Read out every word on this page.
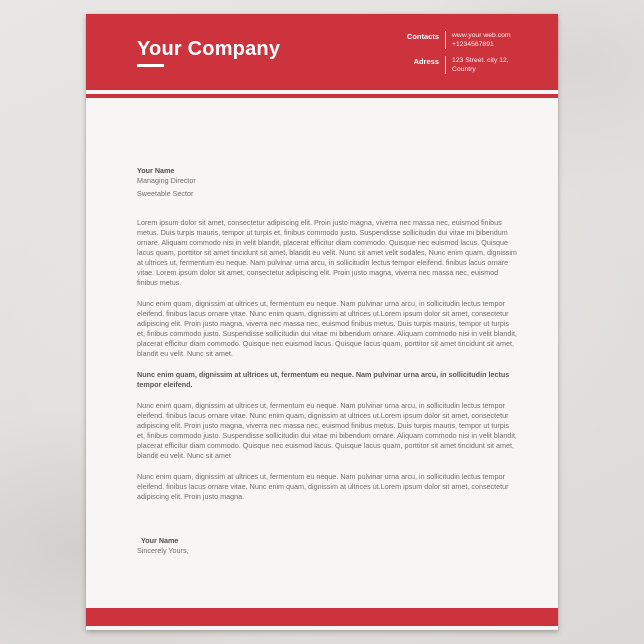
Your Company
Contacts www.your web.com
+1234567891
Adress 123 Street. city 12,
Country
Your Name
Managing Director
Sweetable Sector

Lorem ipsum dolor sit amet, consectetur adipiscing elit. Proin justo magna, viverra nec massa nec, euismod finibus metus. Duis turpis mauris, tempor ut turpis et, finibus commodo justo. Suspendisse sollicitudin dui vitae mi bibendum ornare. Aliquam commodo nisi in velit blandit, placerat efficitur diam commodo. Quisque nec euismod lacus. Quisque lacus quam, porttitor sit amet tincidunt sit amet, blandit eu velit. Nunc sit amet velit sodales, Nunc enim quam, dignissim at ultrices ut, fermentum eu neque. Nam pulvinar urna arcu, in sollicitudin lectus tempor eleifend. finibus lacus ornare vitae. Lorem ipsum dolor sit amet, consectetur adipiscing elit. Proin justo magna, viverra nec massa nec, euismod finibus metus.

Nunc enim quam, dignissim at ultrices ut, fermentum eu neque. Nam pulvinar urna arcu, in sollicitudin lectus tempor eleifend. finibus lacus ornare vitae. Nunc enim quam, dignissim at ultrices ut.Lorem ipsum dolor sit amet, consectetur adipiscing elit. Proin justo magna, viverra nec massa nec, euismod finibus metus. Duis turpis mauris, tempor ut turpis et, finibus commodo justo. Suspendisse sollicitudin dui vitae mi bibendum ornare. Aliquam commodo nisi in velit blandit, placerat efficitur diam commodo. Quisque nec euismod lacus. Quisque lacus quam, porttitor sit amet tincidunt sit amet, blandit eu velit. Nunc sit amet.

Nunc enim quam, dignissim at ultrices ut, fermentum eu neque. Nam pulvinar urna arcu, in sollicitudin lectus tempor eleifend.

Nunc enim quam, dignissim at ultrices ut, fermentum eu neque. Nam pulvinar urna arcu, in sollicitudin lectus tempor eleifend. finibus lacus ornare vitae. Nunc enim quam, dignissim at ultrices ut.Lorem ipsum dolor sit amet, consectetur adipiscing elit. Proin justo magna, viverra nec massa nec, euismod finibus metus. Duis turpis mauris, tempor ut turpis et, finibus commodo justo. Suspendisse sollicitudin dui vitae mi bibendum ornare. Aliquam commodo nisi in velit blandit, placerat efficitur diam commodo. Quisque nec euismod lacus. Quisque lacus quam, porttitor sit amet tincidunt sit amet, blandit eu velit. Nunc sit amet

Nunc enim quam, dignissim at ultrices ut, fermentum eu neque. Nam pulvinar urna arcu, in sollicitudin lectus tempor eleifend. finibus lacus ornare vitae. Nunc enim quam, dignissim at ultrices ut.Lorem ipsum dolor sit amet, consectetur adipiscing elit. Proin justo magna.

Your Name
Sincerely Yours,
